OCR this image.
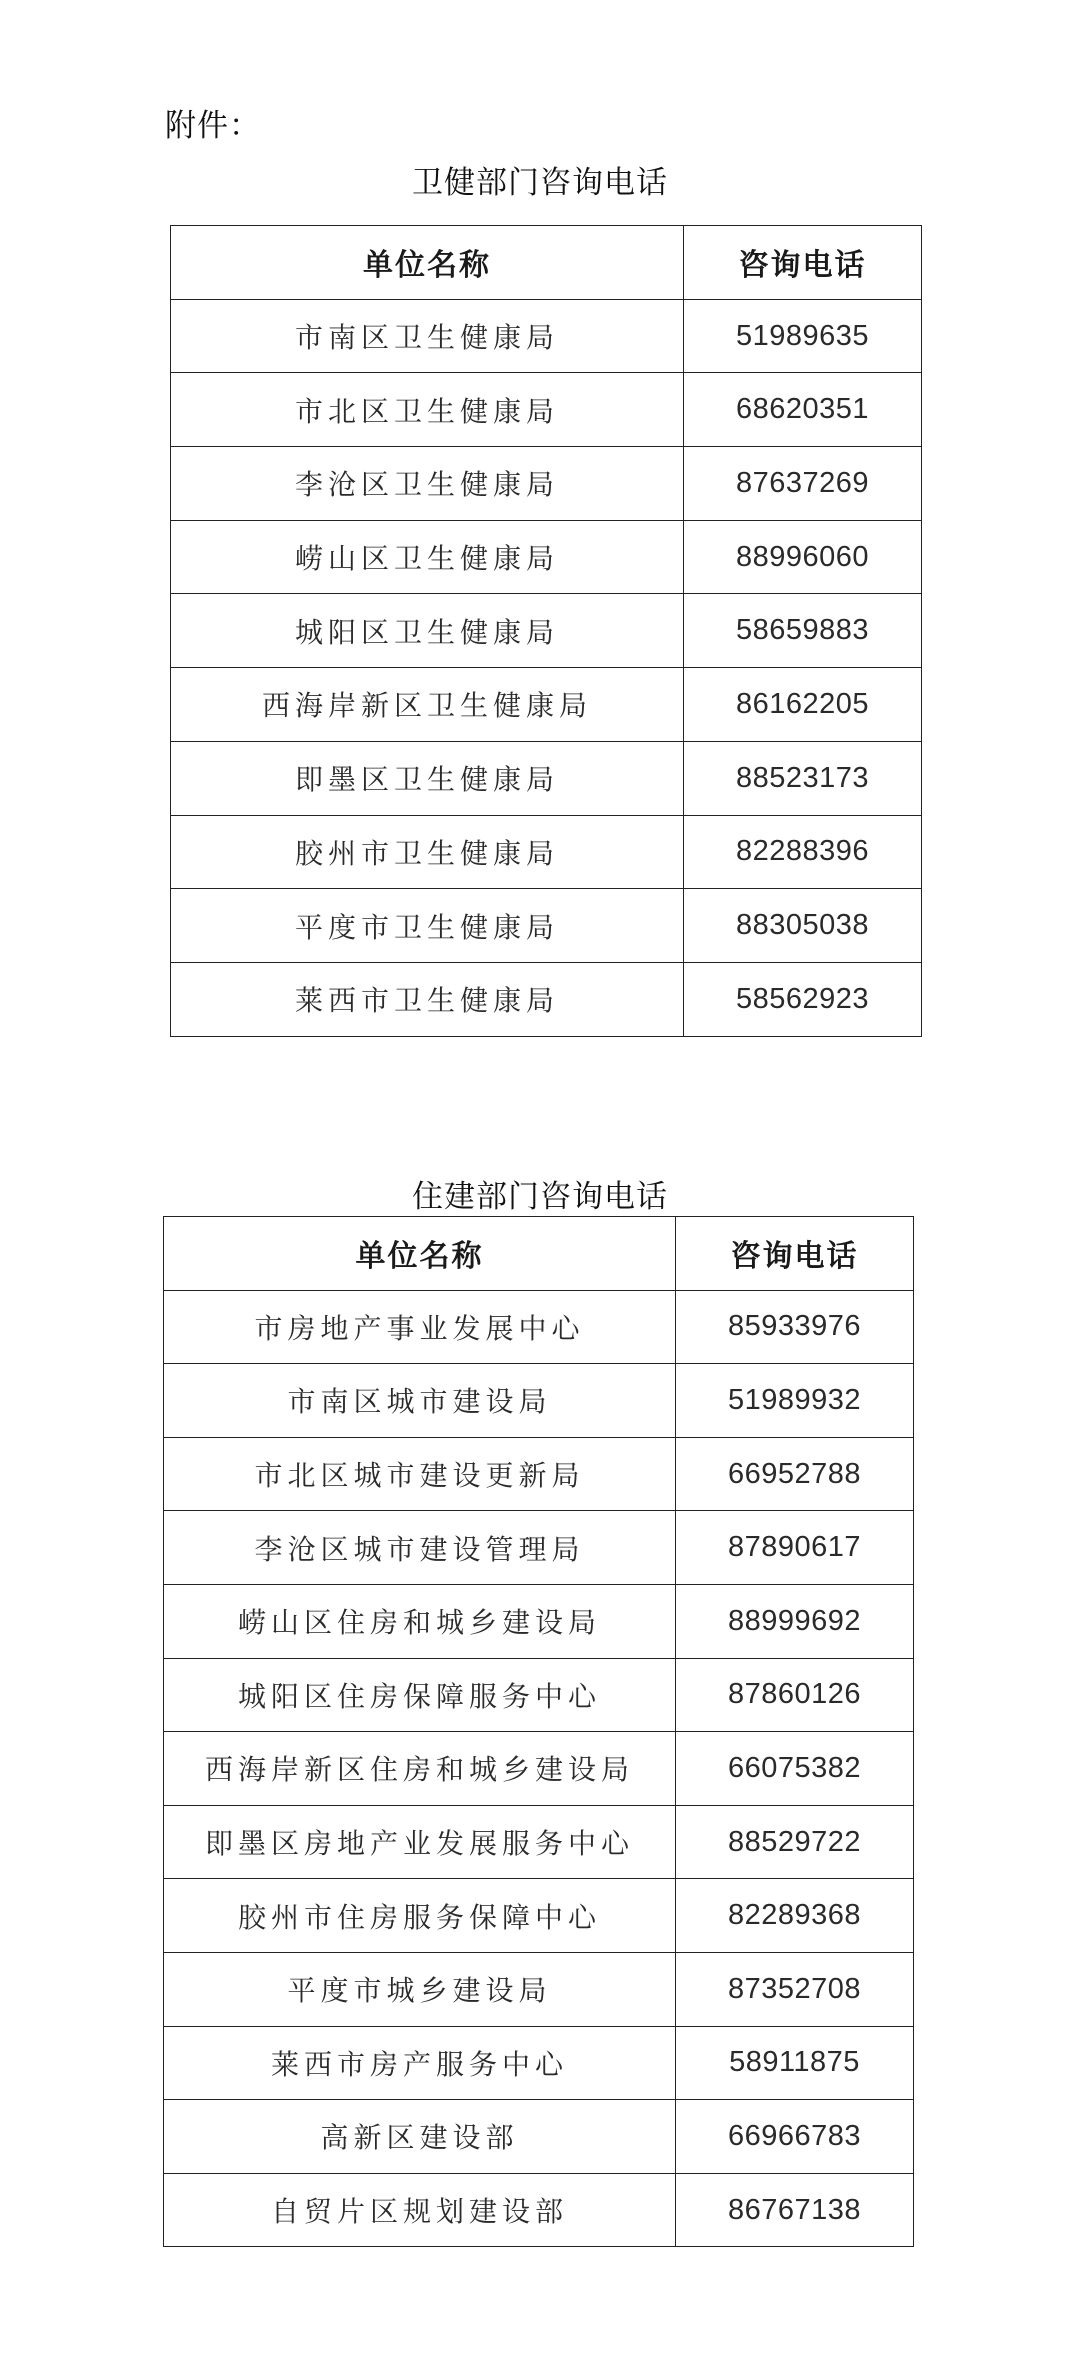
附件：
卫健部门咨询电话
单位名称	咨询电话
市南区卫生健康局	51989635
市北区卫生健康局	68620351
李沧区卫生健康局	87637269
崂山区卫生健康局	88996060
城阳区卫生健康局	58659883
西海岸新区卫生健康局	86162205
即墨区卫生健康局	88523173
胶州市卫生健康局	82288396
平度市卫生健康局	88305038
莱西市卫生健康局	58562923
住建部门咨询电话
单位名称	咨询电话
市房地产事业发展中心	85933976
市南区城市建设局	51989932
市北区城市建设更新局	66952788
李沧区城市建设管理局	87890617
崂山区住房和城乡建设局	88999692
城阳区住房保障服务中心	87860126
西海岸新区住房和城乡建设局	66075382
即墨区房地产业发展服务中心	88529722
胶州市住房服务保障中心	82289368
平度市城乡建设局	87352708
莱西市房产服务中心	58911875
高新区建设部	66966783
自贸片区规划建设部	86767138
